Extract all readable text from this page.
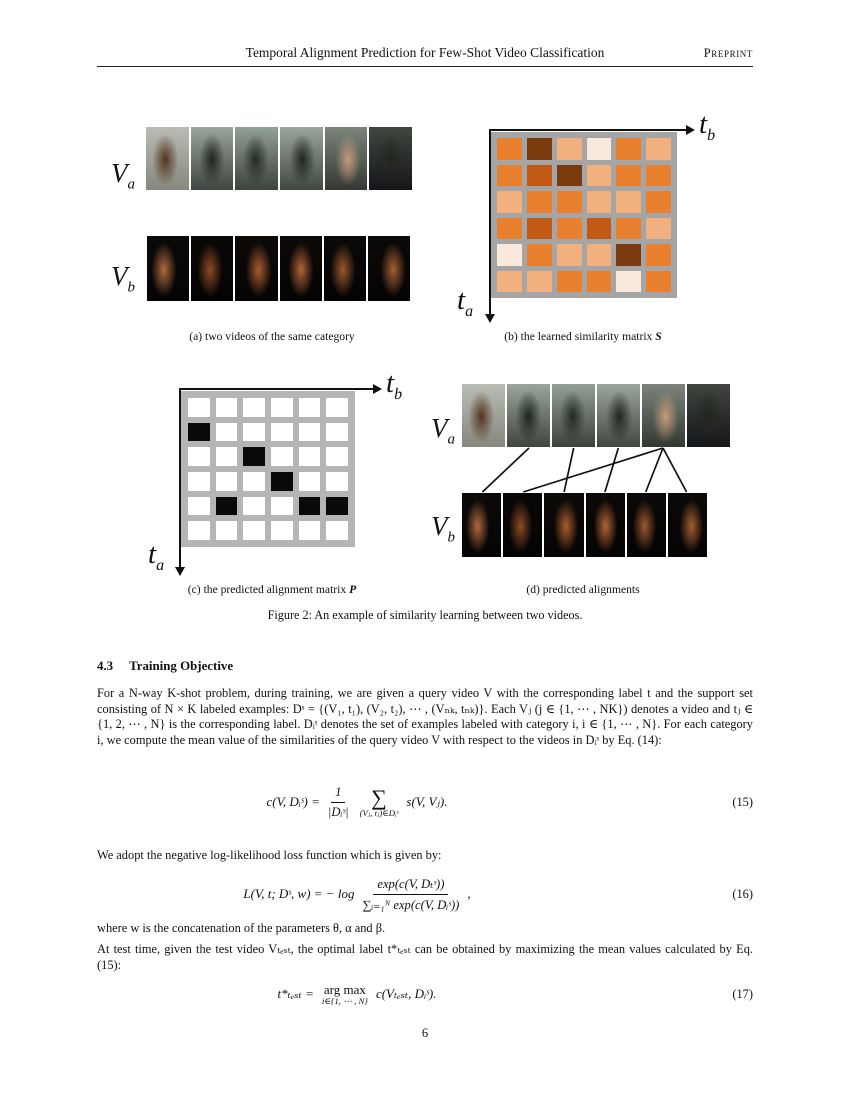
Temporal Alignment Prediction for Few-Shot Video Classification	Preprint
$V_a$
$V_b$
(a) two videos of the same category
$t_b$
$t_a$
(b) the learned similarity matrix S
$t_b$
$t_a$
(c) the predicted alignment matrix P
$V_a$
$V_b$
(d) predicted alignments
Figure 2: An example of similarity learning between two videos.
4.3 Training Objective
For a N-way K-shot problem, during training, we are given a query video V with the corresponding label t and the support set consisting of N × K labeled examples: Dˢ = {(V₁, t₁), (V₂, t₂), ⋯ , (Vₙₖ, tₙₖ)}. Each Vⱼ (j ∈ {1, ⋯ , NK}) denotes a video and tⱼ ∈ {1, 2, ⋯ , N} is the corresponding label. Dᵢˢ denotes the set of examples labeled with category i, i ∈ {1, ⋯ , N}. For each category i, we compute the mean value of the similarities of the query video V with respect to the videos in Dᵢˢ by Eq. (14):
c(V, Dᵢˢ) = $\frac{1}{\text{|Dᵢˢ|}}$ ∑
(Vⱼ, tⱼ)∈Dᵢˢ
s(V, Vⱼ).	(15)
We adopt the negative log-likelihood loss function which is given by:
L(V, t; Dˢ, w) = − $\log \frac{\text{exp(c(V, Dₜˢ))}}{\text{∑ᵢ₌₁ᴺ exp(c(V, Dᵢˢ))}}$ ,	(16)
where w is the concatenation of the parameters θ, α and β.
At test time, given the test video Vₜₑₛₜ, the optimal label t*ₜₑₛₜ can be obtained by maximizing the mean values calculated by Eq. (15):
t*ₜₑₛₜ = arg max
i∈{1, ⋯ , N} c(Vₜₑₛₜ, Dᵢˢ).	(17)
6
